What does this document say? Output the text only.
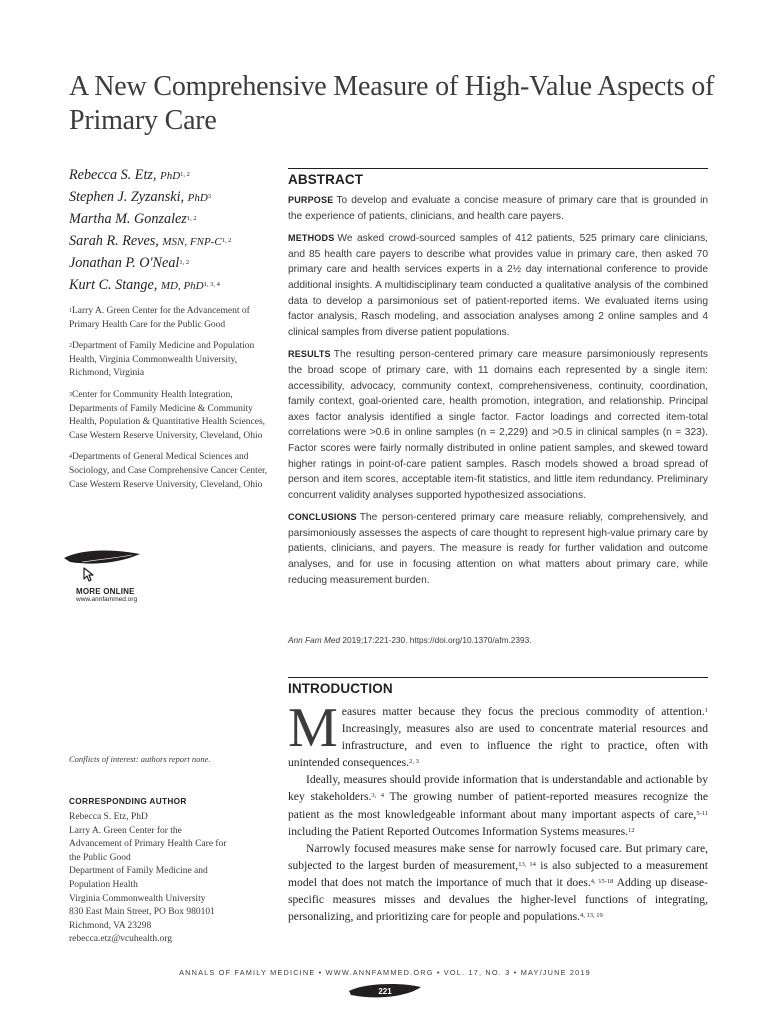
A New Comprehensive Measure of High-Value Aspects of Primary Care
Rebecca S. Etz, PhD$^{1, 2}$
Stephen J. Zyzanski, PhD$^3$
Martha M. Gonzalez$^{1, 2}$
Sarah R. Reves, MSN, FNP-$C^{1, 2}$
Jonathan P. O'Neal$^{1, 2}$
Kurt C. Stange, MD, PhD$^{1, 3, 4}$

$^1$Larry A. Green Center for the Advancement of Primary Health Care for the Public Good

$^2$Department of Family Medicine and Population Health, Virginia Commonwealth University, Richmond, Virginia

$^3$Center for Community Health Integration, Departments of Family Medicine & Community Health, Population & Quantitative Health Sciences, Case Western Reserve University, Cleveland, Ohio

$^4$Departments of General Medical Sciences and Sociology, and Case Comprehensive Cancer Center, Case Western Reserve University, Cleveland, Ohio

MORE ONLINE
www.annfammed.org
Conflicts of interest: authors report none.
CORRESPONDING AUTHOR
Rebecca S. Etz, PhD
Larry A. Green Center for the
Advancement of Primary Health Care for
the Public Good
Department of Family Medicine and
Population Health
Virginia Commonwealth University
830 East Main Street, PO Box 980101
Richmond, VA 23298
rebecca.etz@vcuhealth.org
ABSTRACT

PURPOSE To develop and evaluate a concise measure of primary care that is grounded in the experience of patients, clinicians, and health care payers.

METHODS We asked crowd-sourced samples of 412 patients, 525 primary care clinicians, and 85 health care payers to describe what provides value in primary care, then asked 70 primary care and health services experts in a 2½ day international conference to provide additional insights. A multidisciplinary team conducted a qualitative analysis of the combined data to develop a parsimonious set of patient-reported items. We evaluated items using factor analysis, Rasch modeling, and association analyses among 2 online samples and 4 clinical samples from diverse patient populations.

RESULTS The resulting person-centered primary care measure parsimoniously represents the broad scope of primary care, with 11 domains each represented by a single item: accessibility, advocacy, community context, comprehensiveness, continuity, coordination, family context, goal-oriented care, health promotion, integration, and relationship. Principal axes factor analysis identified a single factor. Factor loadings and corrected item-total correlations were >0.6 in online samples (n = 2,229) and >0.5 in clinical samples (n = 323). Factor scores were fairly normally distributed in online patient samples, and skewed toward higher ratings in point-of-care patient samples. Rasch models showed a broad spread of person and item scores, acceptable item-fit statistics, and little item redundancy. Preliminary concurrent validity analyses supported hypothesized associations.

CONCLUSIONS The person-centered primary care measure reliably, comprehensively, and parsimoniously assesses the aspects of care thought to represent high-value primary care by patients, clinicians, and payers. The measure is ready for further validation and outcome analyses, and for use in focusing attention on what matters about primary care, while reducing measurement burden.

Ann Fam Med 2019;17:221-230. https://doi.org/10.1370/afm.2393.
INTRODUCTION

Measures matter because they focus the precious commodity of attention.$^1$ Increasingly, measures also are used to concentrate material resources and infrastructure, and even to influence the right to practice, often with unintended consequences.$^{2, 3}$

Ideally, measures should provide information that is understandable and actionable by key stakeholders.$^{3, 4}$ The growing number of patient-reported measures recognize the patient as the most knowledgeable informant about many important aspects of care,$^{5-11}$ including the Patient Reported Outcomes Information Systems measures.$^{12}$

Narrowly focused measures make sense for narrowly focused care. But primary care, subjected to the largest burden of measurement,$^{13, 14}$ is also subjected to a measurement model that does not match the importance of much that it does.$^{4, 15-18}$ Adding up disease-specific measures misses and devalues the higher-level functions of integrating, personalizing, and prioritizing care for people and populations.$^{4, 13, 19}$

ANNALS OF FAMILY MEDICINE • WWW.ANNFAMMED.ORG • VOL. 17, NO. 3 • MAY/JUNE 2019
221
